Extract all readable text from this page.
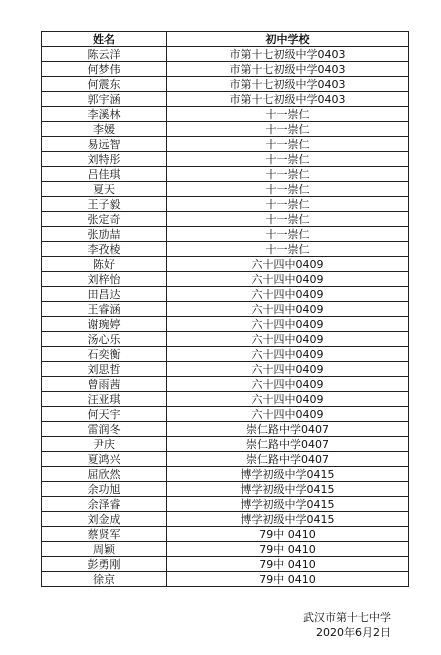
姓名	初中学校
陈云洋	市第十七初级中学0403
何梦伟	市第十七初级中学0403
何震东	市第十七初级中学0403
郭宇涵	市第十七初级中学0403
李溪林	十一崇仁
李媛	十一崇仁
易远智	十一崇仁
刘特彤	十一崇仁
吕佳琪	十一崇仁
夏天	十一崇仁
王子毅	十一崇仁
张定奇	十一崇仁
张劢喆	十一崇仁
李孜棱	十一崇仁
陈好	六十四中0409
刘梓怡	六十四中0409
田昌达	六十四中0409
王睿涵	六十四中0409
谢琬婷	六十四中0409
汤心乐	六十四中0409
石奕衡	六十四中0409
刘思哲	六十四中0409
曾雨茜	六十四中0409
汪亚琪	六十四中0409
何天宇	六十四中0409
雷润冬	崇仁路中学0407
尹庆	崇仁路中学0407
夏鸿兴	崇仁路中学0407
屈欣然	博学初级中学0415
余功旭	博学初级中学0415
余泽睿	博学初级中学0415
刘金成	博学初级中学0415
蔡贤军	79中 0410
周颖	79中 0410
彭勇刚	79中 0410
徐京	79中 0410
武汉市第十七中学
2020年6月2日
